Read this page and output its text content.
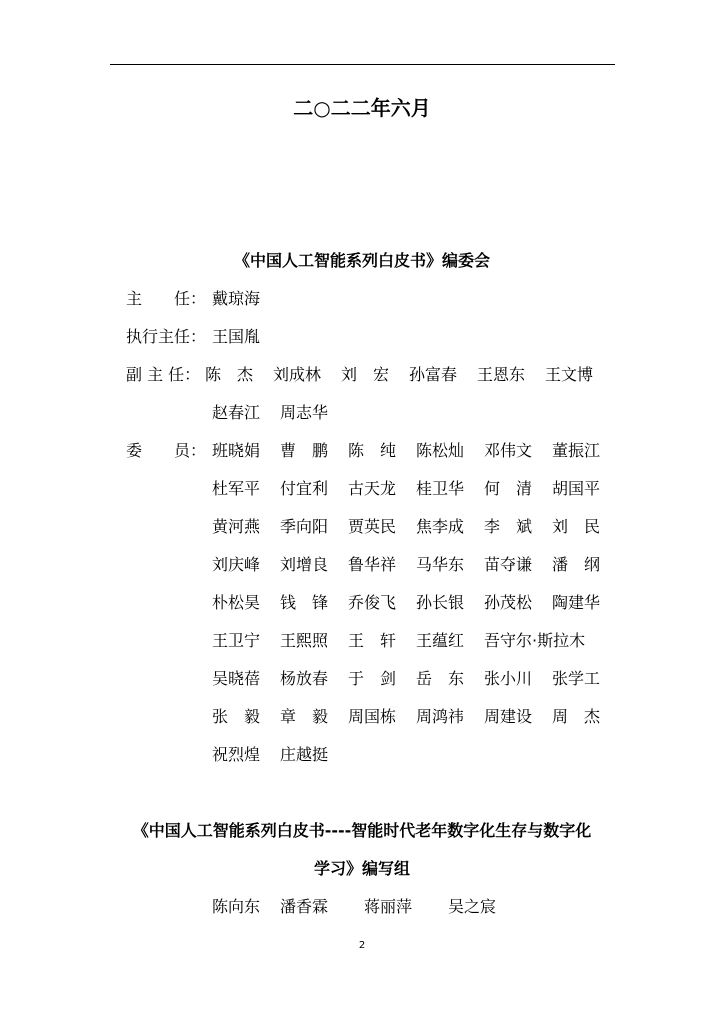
二○二二年六月
《中国人工智能系列白皮书》编委会
主　　任： 戴琼海
执行主任： 王国胤
副 主 任： 陈　杰 刘成林 刘　宏 孙富春 王恩东 王文博
赵春江 周志华
委　　员： 班晓娟 曹　鹏 陈　纯 陈松灿 邓伟文 董振江
杜军平 付宜利 古天龙 桂卫华 何　清 胡国平
黄河燕 季向阳 贾英民 焦李成 李　斌 刘　民
刘庆峰 刘增良 鲁华祥 马华东 苗夺谦 潘　纲
朴松昊 钱　锋 乔俊飞 孙长银 孙茂松 陶建华
王卫宁 王熙照 王　轩 王蕴红 吾守尔·斯拉木
吴晓蓓 杨放春 于　剑 岳　东 张小川 张学工
张　毅 章　毅 周国栋 周鸿祎 周建设 周　杰
祝烈煌 庄越挺
《中国人工智能系列白皮书----智能时代老年数字化生存与数字化
学习》编写组
陈向东 潘香霖 蒋丽萍 吴之宸
2
